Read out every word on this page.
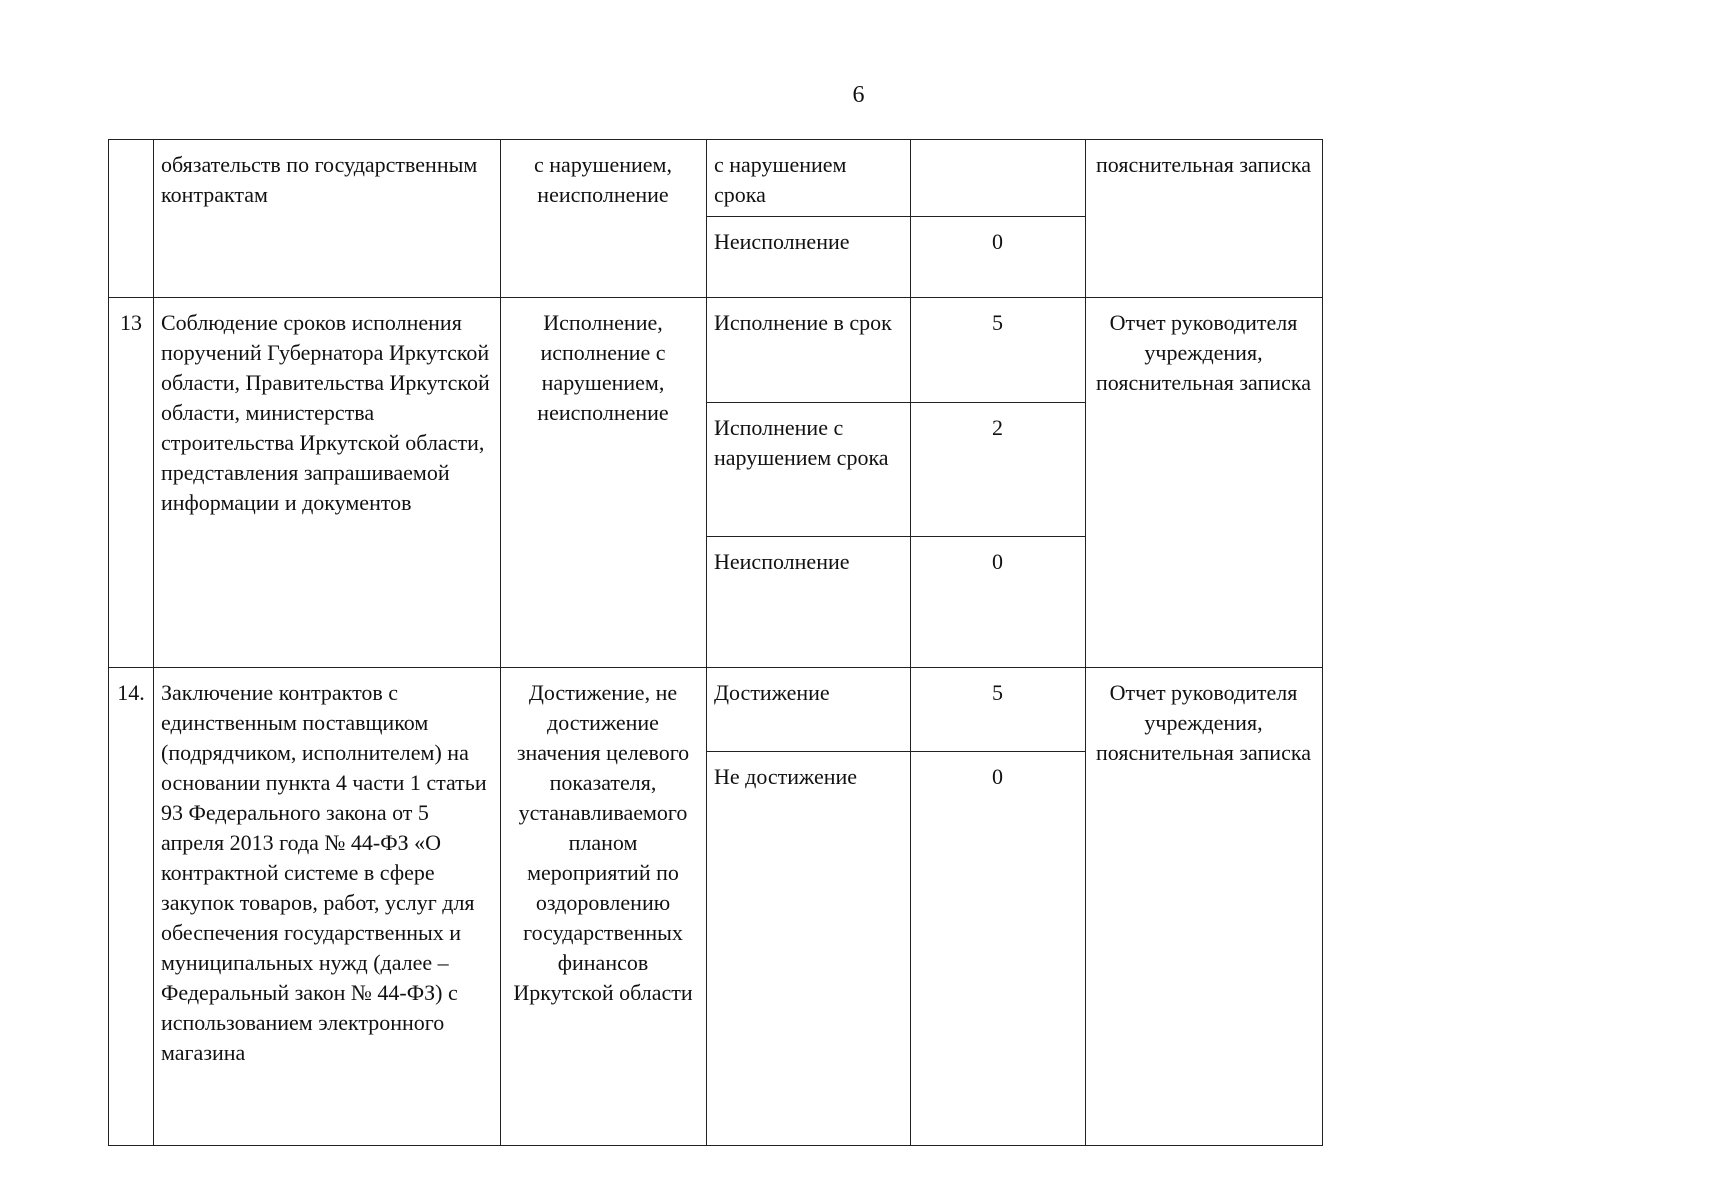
6
	обязательств по государственным контрактам	с нарушением, неисполнение	с нарушением срока		пояснительная записка
			Неисполнение	0	
13	Соблюдение сроков исполнения поручений Губернатора Иркутской области, Правительства Иркутской области, министерства строительства Иркутской области, представления запрашиваемой информации и документов	Исполнение, исполнение с нарушением, неисполнение	Исполнение в срок	5	Отчет руководителя учреждения, пояснительная записка
			Исполнение с нарушением срока	2	
			Неисполнение	0	
14.	Заключение контрактов с единственным поставщиком (подрядчиком, исполнителем) на основании пункта 4 части 1 статьи 93 Федерального закона от 5 апреля 2013 года № 44-ФЗ «О контрактной системе в сфере закупок товаров, работ, услуг для обеспечения государственных и муниципальных нужд (далее – Федеральный закон № 44-ФЗ) с использованием электронного магазина	Достижение, не достижение значения целевого показателя, устанавливаемого планом мероприятий по оздоровлению государственных финансов Иркутской области	Достижение	5	Отчет руководителя учреждения, пояснительная записка
			Не достижение	0	
